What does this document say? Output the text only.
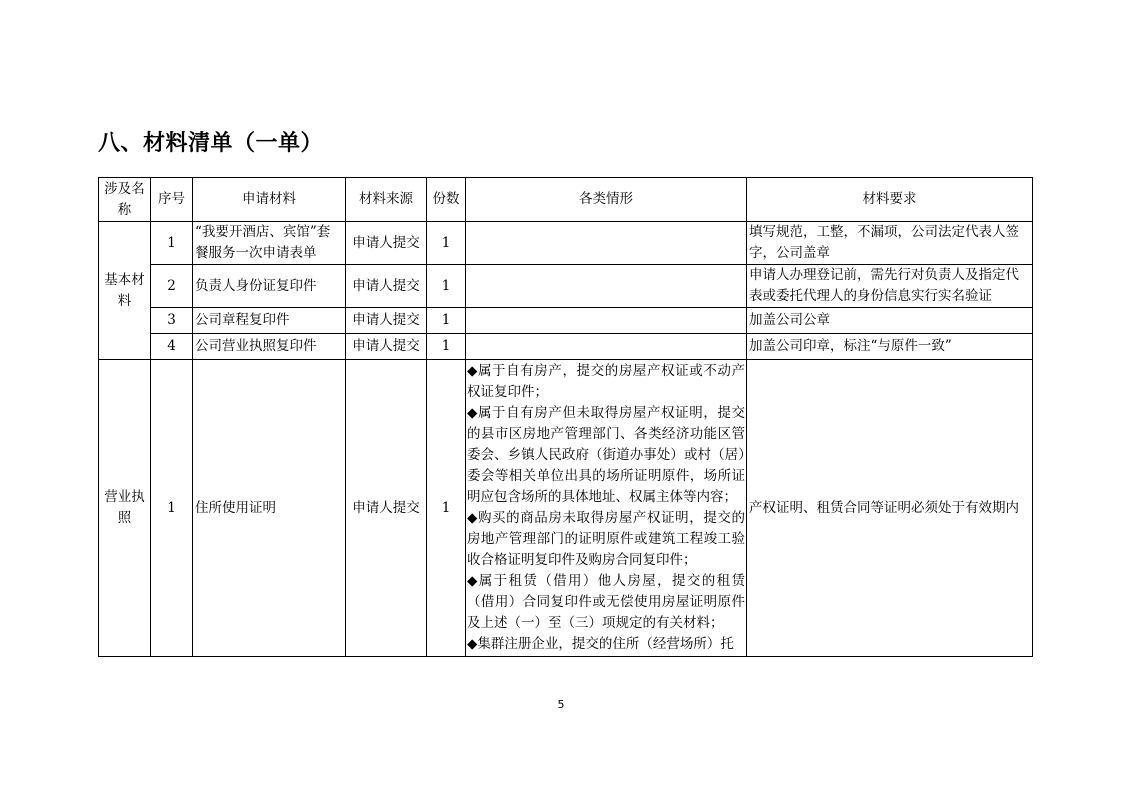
八、材料清单（一单）
涉及名称	序号	申请材料	材料来源	份数	各类情形	材料要求
基本材料	1	“我要开酒店、宾馆”套餐服务一次申请表单	申请人提交	1		填写规范，工整，不漏项，公司法定代表人签字，公司盖章
	2	负责人身份证复印件	申请人提交	1		申请人办理登记前，需先行对负责人及指定代表或委托代理人的身份信息实行实名验证
	3	公司章程复印件	申请人提交	1		加盖公司公章
	4	公司营业执照复印件	申请人提交	1		加盖公司印章，标注“与原件一致”
营业执照	1	住所使用证明	申请人提交	1	◆属于自有房产，提交的房屋产权证或不动产权证复印件；
◆属于自有房产但未取得房屋产权证明，提交的县市区房地产管理部门、各类经济功能区管委会、乡镇人民政府（街道办事处）或村（居）委会等相关单位出具的场所证明原件，场所证明应包含场所的具体地址、权属主体等内容；
◆购买的商品房未取得房屋产权证明，提交的房地产管理部门的证明原件或建筑工程竣工验收合格证明复印件及购房合同复印件；
◆属于租赁（借用）他人房屋，提交的租赁（借用）合同复印件或无偿使用房屋证明原件及上述（一）至（三）项规定的有关材料；
◆集群注册企业，提交的住所（经营场所）托	产权证明、租赁合同等证明必须处于有效期内
5
